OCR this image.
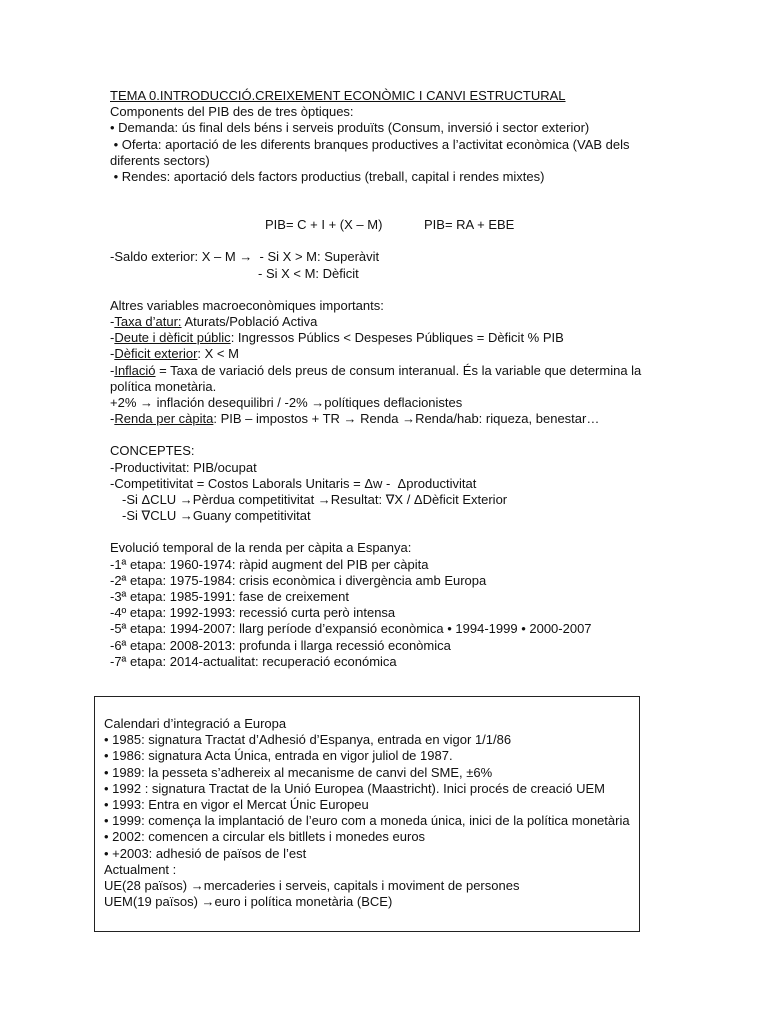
TEMA 0.INTRODUCCIÓ.CREIXEMENT ECONÒMIC I CANVI ESTRUCTURAL
Components del PIB des de tres òptiques:
• Demanda: ús final dels béns i serveis produïts (Consum, inversió i sector exterior)
• Oferta: aportació de les diferents branques productives a l’activitat econòmica (VAB dels
diferents sectors)
• Rendes: aportació dels factors productius (treball, capital i rendes mixtes)
PIB= C + I + (X – M)	PIB= RA + EBE
-Saldo exterior: X – M →  - Si X > M: Superàvit
- Si X < M: Dèficit
Altres variables macroeconòmiques importants:
-Taxa d’atur: Aturats/Població Activa
-Deute i dèficit públic: Ingressos Públics < Despeses Públiques = Dèficit % PIB
-Dèficit exterior: X < M
-Inflació = Taxa de variació dels preus de consum interanual. És la variable que determina la
política monetària.
+2% → inflación desequilibri / -2% →polítiques deflacionistes
-Renda per càpita: PIB – impostos + TR → Renda →Renda/hab: riqueza, benestar…
CONCEPTES:
-Productivitat: PIB/ocupat
-Competitivitat = Costos Laborals Unitaris = Δw -  Δproductivitat
-Si ΔCLU →Pèrdua competitivitat →Resultat: ∇X / ΔDèficit Exterior
-Si ∇CLU →Guany competitivitat
Evolució temporal de la renda per càpita a Espanya:
-1ª etapa: 1960-1974: ràpid augment del PIB per càpita
-2ª etapa: 1975-1984: crisis econòmica i divergència amb Europa
-3ª etapa: 1985-1991: fase de creixement
-4º etapa: 1992-1993: recessió curta però intensa
-5ª etapa: 1994-2007: llarg període d’expansió econòmica • 1994-1999 • 2000-2007
-6ª etapa: 2008-2013: profunda i llarga recessió econòmica
-7ª etapa: 2014-actualitat: recuperació económica
Calendari d’integració a Europa
• 1985: signatura Tractat d’Adhesió d’Espanya, entrada en vigor 1/1/86
• 1986: signatura Acta Única, entrada en vigor juliol de 1987.
• 1989: la pesseta s’adhereix al mecanisme de canvi del SME, ±6%
• 1992 : signatura Tractat de la Unió Europea (Maastricht). Inici procés de creació UEM
• 1993: Entra en vigor el Mercat Únic Europeu
• 1999: comença la implantació de l’euro com a moneda única, inici de la política monetària
• 2002: comencen a circular els bitllets i monedes euros
• +2003: adhesió de països de l’est
Actualment :
UE(28 països) →mercaderies i serveis, capitals i moviment de persones
UEM(19 països) →euro i política monetària (BCE)
